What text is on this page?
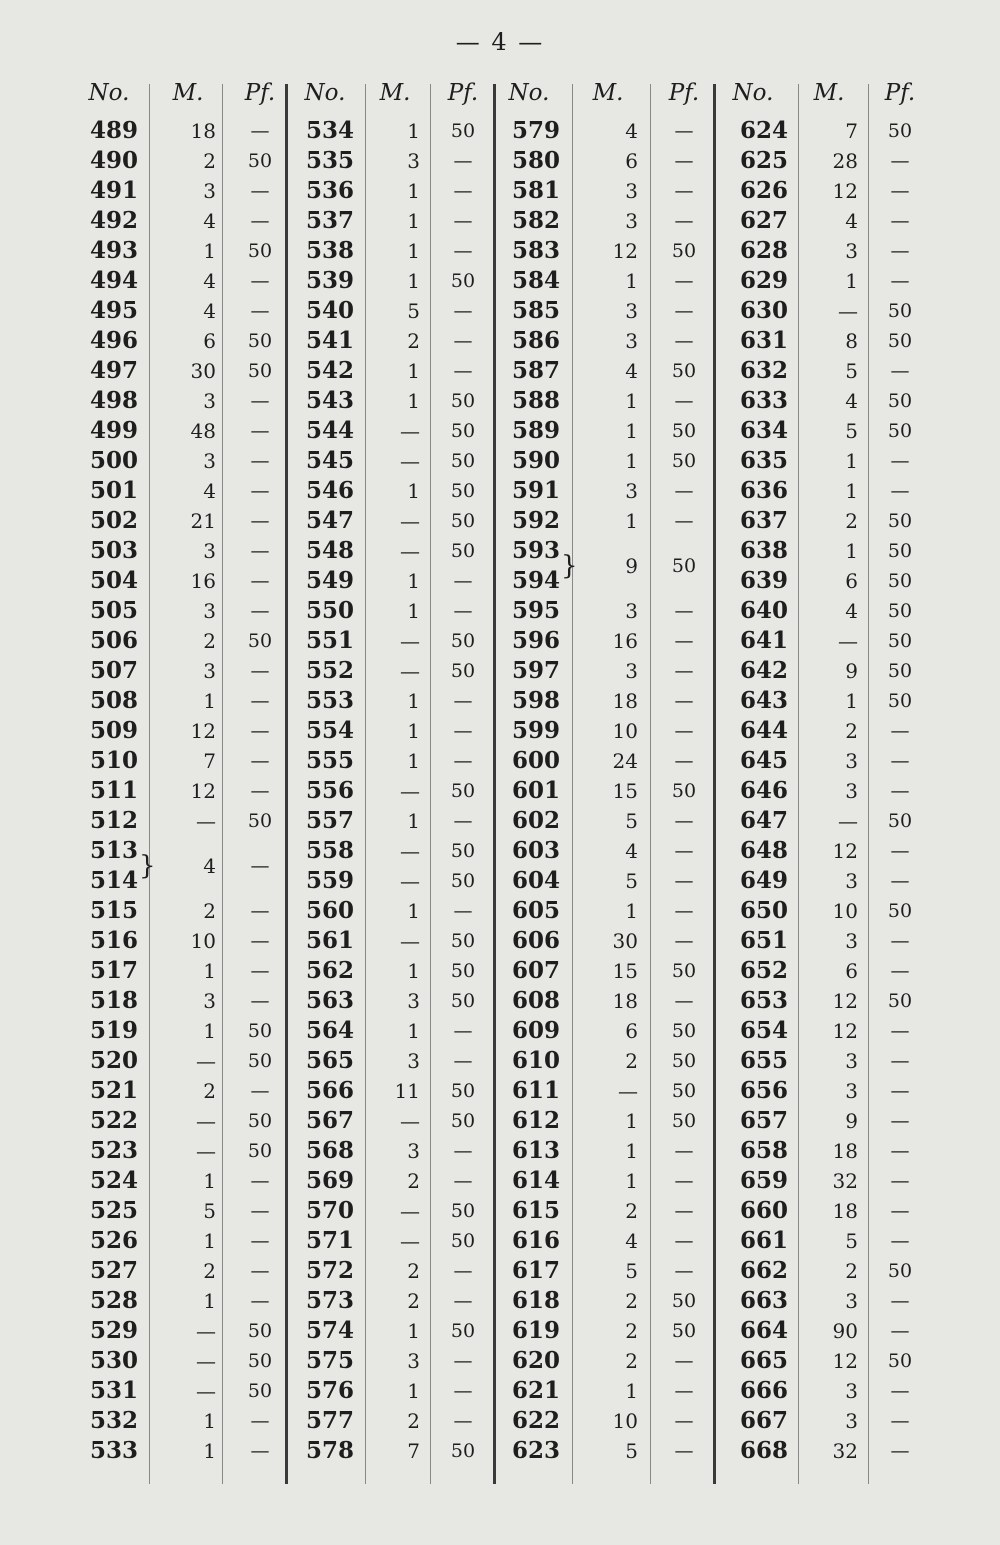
— 4 —
No.	M.	Pf.
489	18	—
490	2	50
491	3	—
492	4	—
493	1	50
494	4	—
495	4	—
496	6	50
497	30	50
498	3	—
499	48	—
500	3	—
501	4	—
502	21	—
503	3	—
504	16	—
505	3	—
506	2	50
507	3	—
508	1	—
509	12	—
510	7	—
511	12	—
512	—	50
513
}	4	—
514
515	2	—
516	10	—
517	1	—
518	3	—
519	1	50
520	—	50
521	2	—
522	—	50
523	—	50
524	1	—
525	5	—
526	1	—
527	2	—
528	1	—
529	—	50
530	—	50
531	—	50
532	1	—
533	1	—
No.	M.	Pf.
534	1	50
535	3	—
536	1	—
537	1	—
538	1	—
539	1	50
540	5	—
541	2	—
542	1	—
543	1	50
544	—	50
545	—	50
546	1	50
547	—	50
548	—	50
549	1	—
550	1	—
551	—	50
552	—	50
553	1	—
554	1	—
555	1	—
556	—	50
557	1	—
558	—	50
559	—	50
560	1	—
561	—	50
562	1	50
563	3	50
564	1	—
565	3	—
566	11	50
567	—	50
568	3	—
569	2	—
570	—	50
571	—	50
572	2	—
573	2	—
574	1	50
575	3	—
576	1	—
577	2	—
578	7	50
No.	M.	Pf.
579	4	—
580	6	—
581	3	—
582	3	—
583	12	50
584	1	—
585	3	—
586	3	—
587	4	50
588	1	—
589	1	50
590	1	50
591	3	—
592	1	—
593
}	9	50
594
595	3	—
596	16	—
597	3	—
598	18	—
599	10	—
600	24	—
601	15	50
602	5	—
603	4	—
604	5	—
605	1	—
606	30	—
607	15	50
608	18	—
609	6	50
610	2	50
611	—	50
612	1	50
613	1	—
614	1	—
615	2	—
616	4	—
617	5	—
618	2	50
619	2	50
620	2	—
621	1	—
622	10	—
623	5	—
No.	M.	Pf.
624	7	50
625	28	—
626	12	—
627	4	—
628	3	—
629	1	—
630	—	50
631	8	50
632	5	—
633	4	50
634	5	50
635	1	—
636	1	—
637	2	50
638	1	50
639	6	50
640	4	50
641	—	50
642	9	50
643	1	50
644	2	—
645	3	—
646	3	—
647	—	50
648	12	—
649	3	—
650	10	50
651	3	—
652	6	—
653	12	50
654	12	—
655	3	—
656	3	—
657	9	—
658	18	—
659	32	—
660	18	—
661	5	—
662	2	50
663	3	—
664	90	—
665	12	50
666	3	—
667	3	—
668	32	—
